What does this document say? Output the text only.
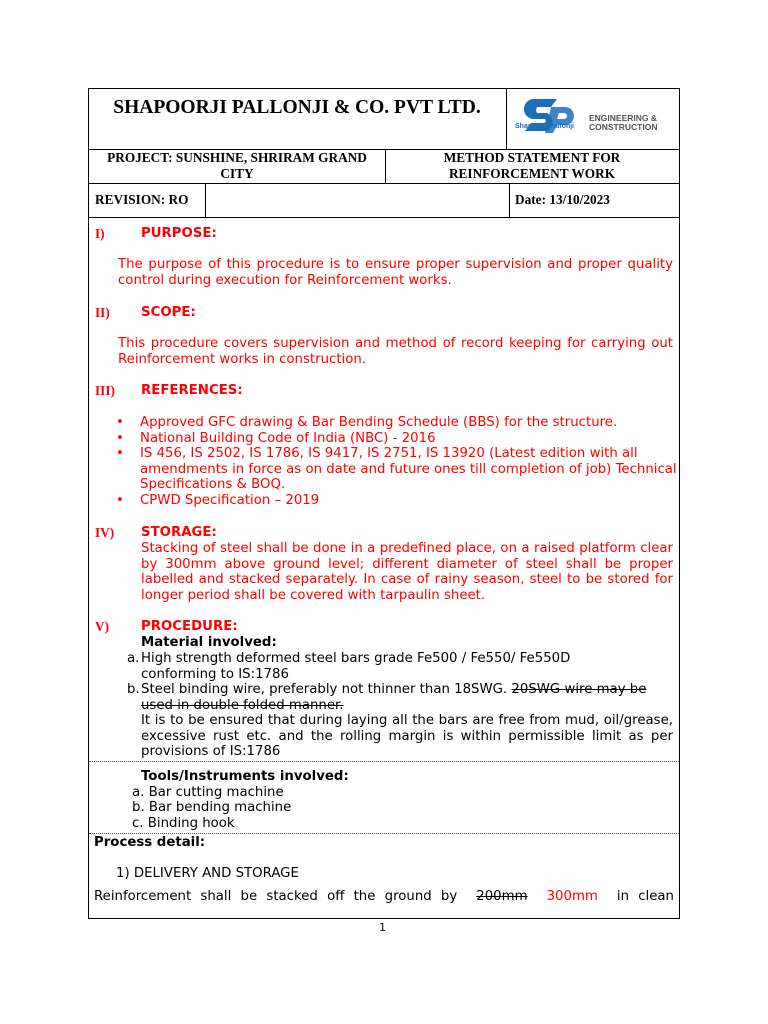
SHAPOORJI PALLONJI & CO. PVT LTD.
Shapoorji Pallonji
ENGINEERING &
CONSTRUCTION
PROJECT: SUNSHINE, SHRIRAM GRAND CITY
METHOD STATEMENT FOR REINFORCEMENT WORK
REVISION: RO	Date: 13/10/2023
I)	PURPOSE:
The purpose of this procedure is to ensure proper supervision and proper quality control during execution for Reinforcement works.
II) SCOPE:
This procedure covers supervision and method of record keeping for carrying out Reinforcement works in construction.
III) REFERENCES:
• Approved GFC drawing & Bar Bending Schedule (BBS) for the structure.
• National Building Code of India (NBC) - 2016
• IS 456, IS 2502, IS 1786, IS 9417, IS 2751, IS 13920 (Latest edition with all amendments in force as on date and future ones till completion of job) Technical Specifications & BOQ.
• CPWD Specification – 2019
IV) STORAGE:
Stacking of steel shall be done in a predefined place, on a raised platform clear by 300mm above ground level; different diameter of steel shall be proper labelled and stacked separately. In case of rainy season, steel to be stored for longer period shall be covered with tarpaulin sheet.
V) PROCEDURE:
Material involved:
a. High strength deformed steel bars grade Fe500 / Fe550/ Fe550D conforming to IS:1786
b. Steel binding wire, preferably not thinner than 18SWG. 20SWG wire may be used in double folded manner.
It is to be ensured that during laying all the bars are free from mud, oil/grease, excessive rust etc. and the rolling margin is within permissible limit as per provisions of IS:1786
Tools/Instruments involved:
a. Bar cutting machine
b. Bar bending machine
c. Binding hook
Process detail:
1) DELIVERY AND STORAGE
Reinforcement shall be stacked off the ground by 200mm 300mm in clean
1
